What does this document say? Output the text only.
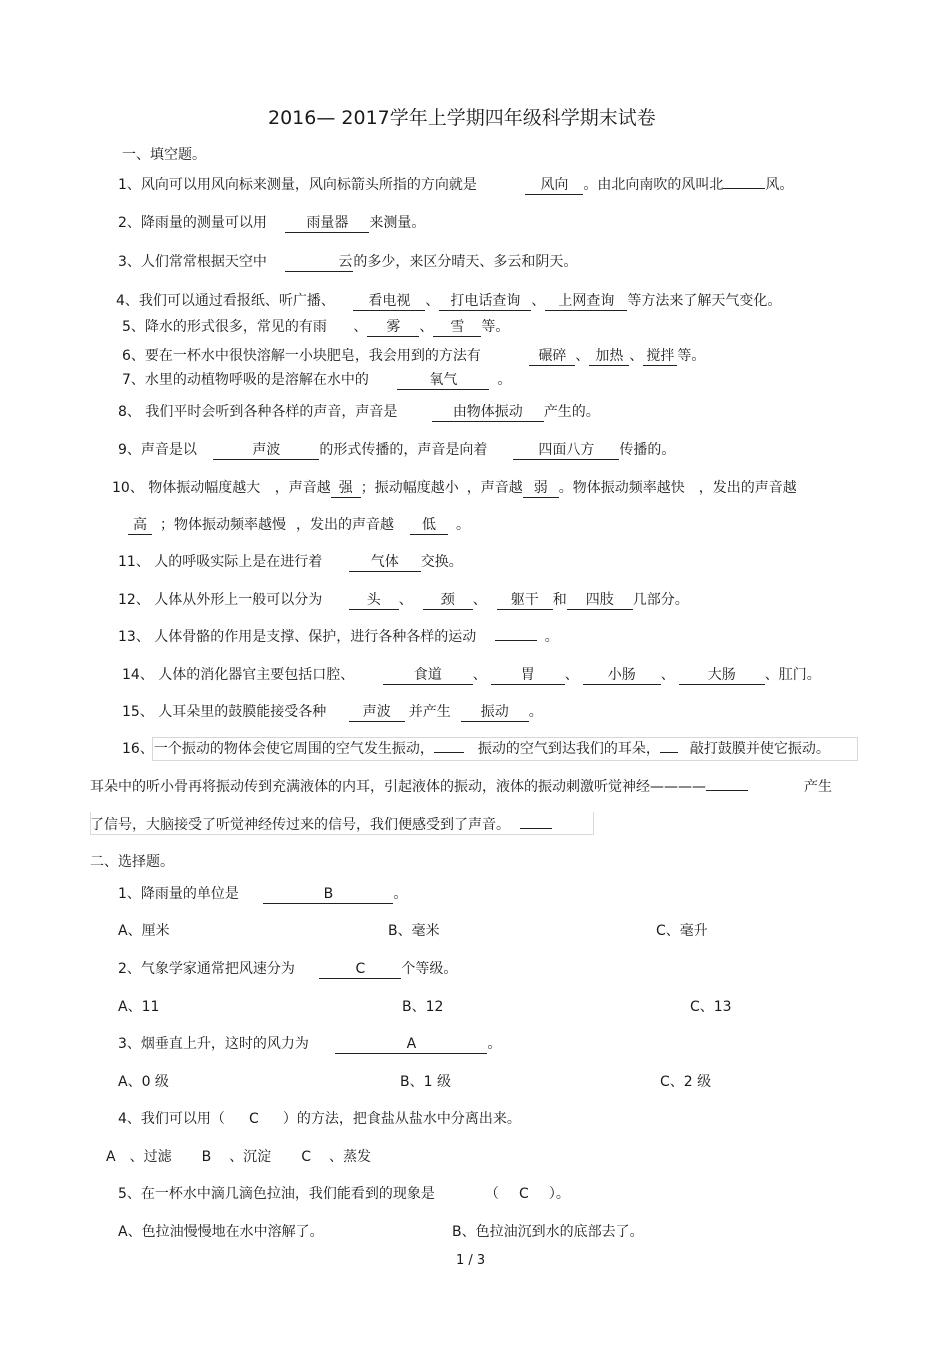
2016— 2017学年上学期四年级科学期末试卷
一、填空题。
1、风向可以用风向标来测量，风向标箭头所指的方向就是	风向 。由北向南吹的风叫北	风。
2、降雨量的测量可以用	雨量器 来测量。
3、人们常常根据天空中	云的多少，来区分晴天、多云和阴天。
4、我们可以通过看报纸、听广播、 看电视 、 打电话查询 、 上网查询 等方法来了解天气变化。
5、降水的形式很多，常见的有雨 、 雾 、 雪 等。
6、要在一杯水中很快溶解一小块肥皂，我会用到的方法有	碾碎 、 加热 、 搅拌 等。
7、水里的动植物呼吸的是溶解在水中的	氧气	。
8、 我们平时会听到各种各样的声音，声音是	由物体振动 产生的。
9、声音是以	声波	的形式传播的，声音是向着	四面八方 传播的。
10、 物体振动幅度越大 ，声音越 强 ；振动幅度越小 ，声音越 弱 。物体振动频率越快 ，发出的声音越
高 ；物体振动频率越慢 ，发出的声音越 低 。
11、 人的呼吸实际上是在进行着	气体 交换。
12、 人体从外形上一般可以分为	头 、 颈 、 躯干 和 四肢 几部分。
13、 人体骨骼的作用是支撑、保护，进行各种各样的运动	。
14、 人体的消化器官主要包括口腔、	食道 、 胃 、 小肠 、 大肠 、肛门。
15、 人耳朵里的鼓膜能接受各种	声波 并产生 振动 。
16、一个振动的物体会使它周围的空气发生振动，	振动的空气到达我们的耳朵， 敲打鼓膜并使它振动。
耳朵中的听小骨再将振动传到充满液体的内耳，引起液体的振动，液体的振动刺激听觉神经————	产生
了信号，大脑接受了听觉神经传过来的信号，我们便感受到了声音。
二、选择题。
1、降雨量的单位是	B	。
A、厘米	B、毫米	C、毫升
2、气象学家通常把风速分为	C	个等级。
A、11	B、12	C、13
3、烟垂直上升，这时的风力为	A	。
A、0 级	B、1 级	C、2 级
4、我们可以用（ C ）的方法，把食盐从盐水中分离出来。
A 、过滤 B 、沉淀 C 、蒸发
5、在一杯水中滴几滴色拉油，我们能看到的现象是	（ C ）。
A、色拉油慢慢地在水中溶解了。	B、色拉油沉到水的底部去了。
1 / 3
